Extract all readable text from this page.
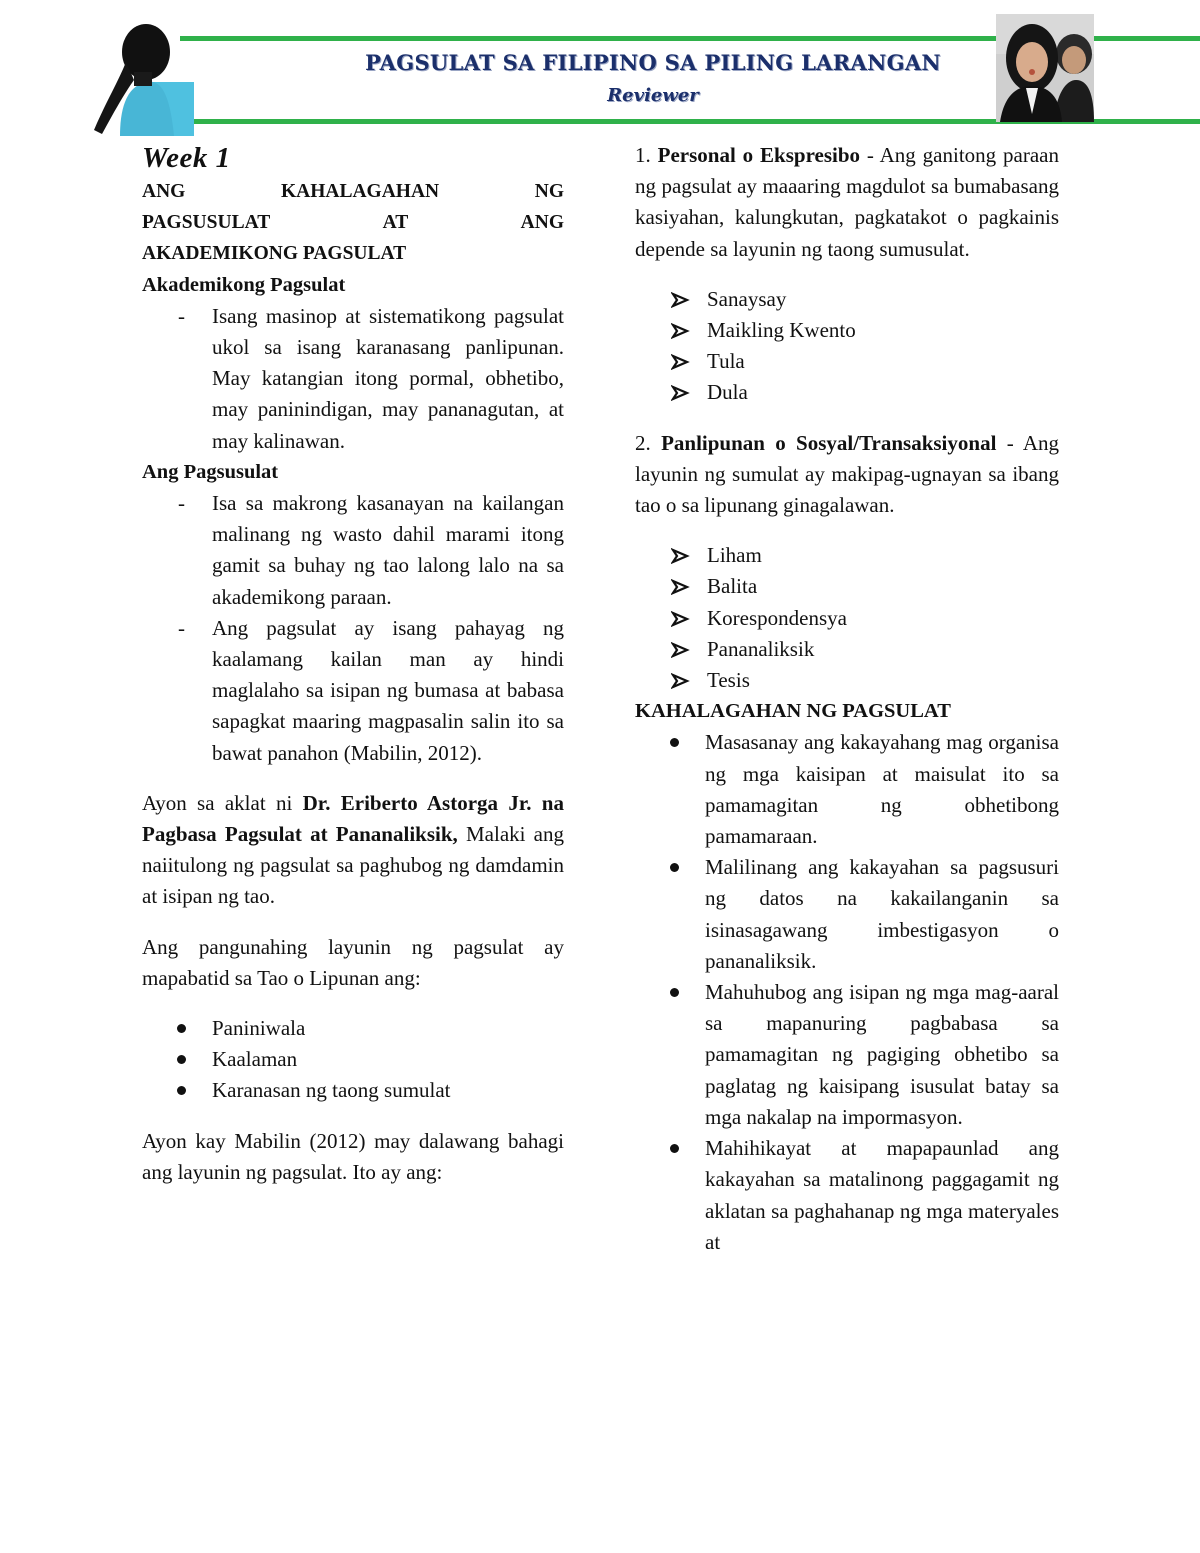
PAGSULAT SA FILIPINO SA PILING LARANGAN
Reviewer

Week 1

ANG KAHALAGAHAN NG
PAGSUSULAT AT ANG
AKADEMIKONG PAGSULAT

Akademikong Pagsulat

- Isang masinop at sistematikong pagsulat ukol sa isang karanasang panlipunan. May katangian itong pormal, obhetibo, may paninindigan, may pananagutan, at may kalinawan.

Ang Pagsusulat

- Isa sa makrong kasanayan na kailangan malinang ng wasto dahil marami itong gamit sa buhay ng tao lalong lalo na sa akademikong paraan.
- Ang pagsulat ay isang pahayag ng kaalamang kailan man ay hindi maglalaho sa isipan ng bumasa at babasa sapagkat maaring magpasalin salin ito sa bawat panahon (Mabilin, 2012).

Ayon sa aklat ni Dr. Eriberto Astorga Jr. na Pagbasa Pagsulat at Pananaliksik, Malaki ang naiitulong ng pagsulat sa paghubog ng damdamin at isipan ng tao.

Ang pangunahing layunin ng pagsulat ay mapabatid sa Tao o Lipunan ang:

Paniniwala
Kaalaman
Karanasan ng taong sumulat

Ayon kay Mabilin (2012) may dalawang bahagi ang layunin ng pagsulat. Ito ay ang:

1. Personal o Ekspresibo - Ang ganitong paraan ng pagsulat ay maaaring magdulot sa bumabasang kasiyahan, kalungkutan, pagkatakot o pagkainis depende sa layunin ng taong sumusulat.

Sanaysay
Maikling Kwento
Tula
Dula

2. Panlipunan o Sosyal/Transaksiyonal - Ang layunin ng sumulat ay makipag-ugnayan sa ibang tao o sa lipunang ginagalawan.

Liham
Balita
Korespondensya
Pananaliksik
Tesis

KAHALAGAHAN NG PAGSULAT

Masasanay ang kakayahang mag organisa ng mga kaisipan at maisulat ito sa pamamagitan ng obhetibong pamamaraan.
Malilinang ang kakayahan sa pagsusuri ng datos na kakailanganin sa isinasagawang imbestigasyon o pananaliksik.
Mahuhubog ang isipan ng mga mag-aaral sa mapanuring pagbabasa sa pamamagitan ng pagiging obhetibo sa paglatag ng kaisipang isusulat batay sa mga nakalap na impormasyon.
Mahihikayat at mapapaunlad ang kakayahan sa matalinong paggagamit ng aklatan sa paghahanap ng mga materyales at
